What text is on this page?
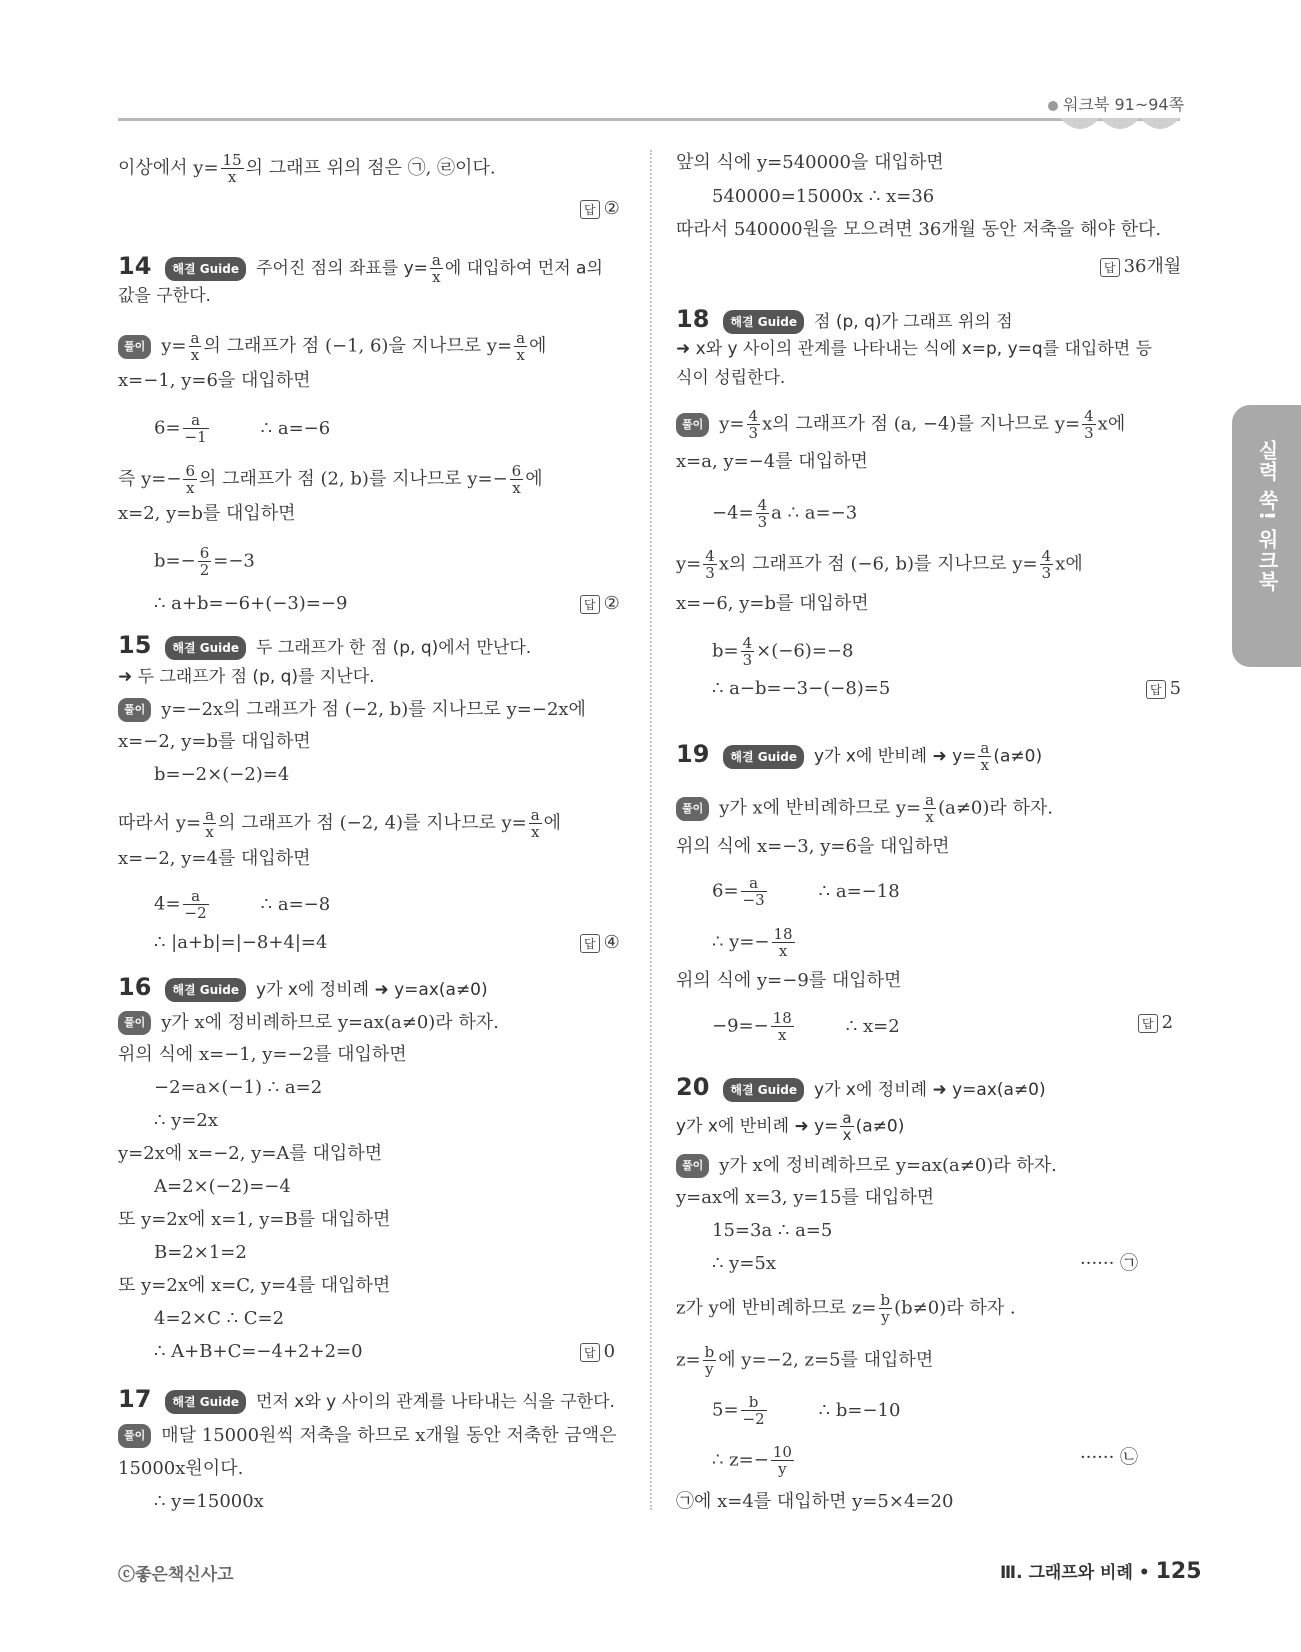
워크북 91~94쪽
실력 쑥! 워크북
이상에서 $y= \frac{15}{x}$ 의 그래프 위의 점은 ㉠, ㉣이다.
답 ②
14 해결 Guide 주어진 점의 좌표를 $y= \frac{a}{x}$ 에 대입하여 먼저 a의
값을 구한다.
풀이 $y= \frac{a}{x}$ 의 그래프가 점 (−1, 6)을 지나므로 $y= \frac{a}{x}$ 에
x=−1, y=6을 대입하면
$6= \frac{a}{-1}$	∴ a=−6
즉 $y=- \frac{6}{x}$ 의 그래프가 점 (2, b)를 지나므로 $y=- \frac{6}{x}$ 에
x=2, y=b를 대입하면
$b=- \frac{6}{2} =-3$
∴ a+b=−6+(−3)=−9	답 ②
15 해결 Guide 두 그래프가 한 점 (p, q)에서 만난다.
➜ 두 그래프가 점 (p, q)를 지난다.
풀이 y=−2x의 그래프가 점 (−2, b)를 지나므로 y=−2x에
x=−2, y=b를 대입하면
b=−2×(−2)=4
따라서 $y= \frac{a}{x}$ 의 그래프가 점 (−2, 4)를 지나므로 $y= \frac{a}{x}$ 에
x=−2, y=4를 대입하면
$4= \frac{a}{-2}$	∴ a=−8
∴ |a+b|=|−8+4|=4	답 ④
16 해결 Guide y가 x에 정비례 ➜ y=ax(a≠0)
풀이 y가 x에 정비례하므로 y=ax(a≠0)라 하자.
위의 식에 x=−1, y=−2를 대입하면
−2=a×(−1) ∴ a=2
∴ y=2x
y=2x에 x=−2, y=A를 대입하면
A=2×(−2)=−4
또 y=2x에 x=1, y=B를 대입하면
B=2×1=2
또 y=2x에 x=C, y=4를 대입하면
4=2×C ∴ C=2
∴ A+B+C=−4+2+2=0	답 0
17 해결 Guide 먼저 x와 y 사이의 관계를 나타내는 식을 구한다.
풀이 매달 15000원씩 저축을 하므로 x개월 동안 저축한 금액은
15000x원이다.
∴ y=15000x
앞의 식에 y=540000을 대입하면
540000=15000x ∴ x=36
따라서 540000원을 모으려면 36개월 동안 저축을 해야 한다.
답 36개월
18 해결 Guide 점 (p, q)가 그래프 위의 점
➜ x와 y 사이의 관계를 나타내는 식에 x=p, y=q를 대입하면 등
식이 성립한다.
풀이 $y= \frac{4}{3}$ x의 그래프가 점 (a, −4)를 지나므로 $y= \frac{4}{3}$ x에
x=a, y=−4를 대입하면
$-4= \frac{4}{3}$ a ∴ a=−3
$y= \frac{4}{3}$ x의 그래프가 점 (−6, b)를 지나므로 $y= \frac{4}{3}$ x에
x=−6, y=b를 대입하면
$b= \frac{4}{3} \times(-6)=-8$
∴ a−b=−3−(−8)=5	답 5
19 해결 Guide y가 x에 반비례 ➜ $y= \frac{a}{x} (a\ne 0)$
풀이 y가 x에 반비례하므로 $y= \frac{a}{x} (a\ne 0)$라 하자.
위의 식에 x=−3, y=6을 대입하면
$6= \frac{a}{-3}$	∴ a=−18
∴ $y=- \frac{18}{x}$
위의 식에 y=−9를 대입하면
$-9=- \frac{18}{x}$	∴ x=2	답 2
20 해결 Guide y가 x에 정비례 ➜ y=ax(a≠0)
y가 x에 반비례 ➜ $y= \frac{a}{x} (a\ne 0)$
풀이 y가 x에 정비례하므로 y=ax(a≠0)라 하자.
y=ax에 x=3, y=15를 대입하면
15=3a ∴ a=5
∴ y=5x	······ ㉠
z가 y에 반비례하므로 $z= \frac{b}{y} (b\ne 0)$라 하자 .
$z= \frac{b}{y}$ 에 y=−2, z=5를 대입하면
$5= \frac{b}{-2}$	∴ b=−10
∴ $z=- \frac{10}{y}$	······ ㉡
㉠에 x=4를 대입하면 y=5×4=20
ⓒ좋은책신사고	Ⅲ. 그래프와 비례 • 125
